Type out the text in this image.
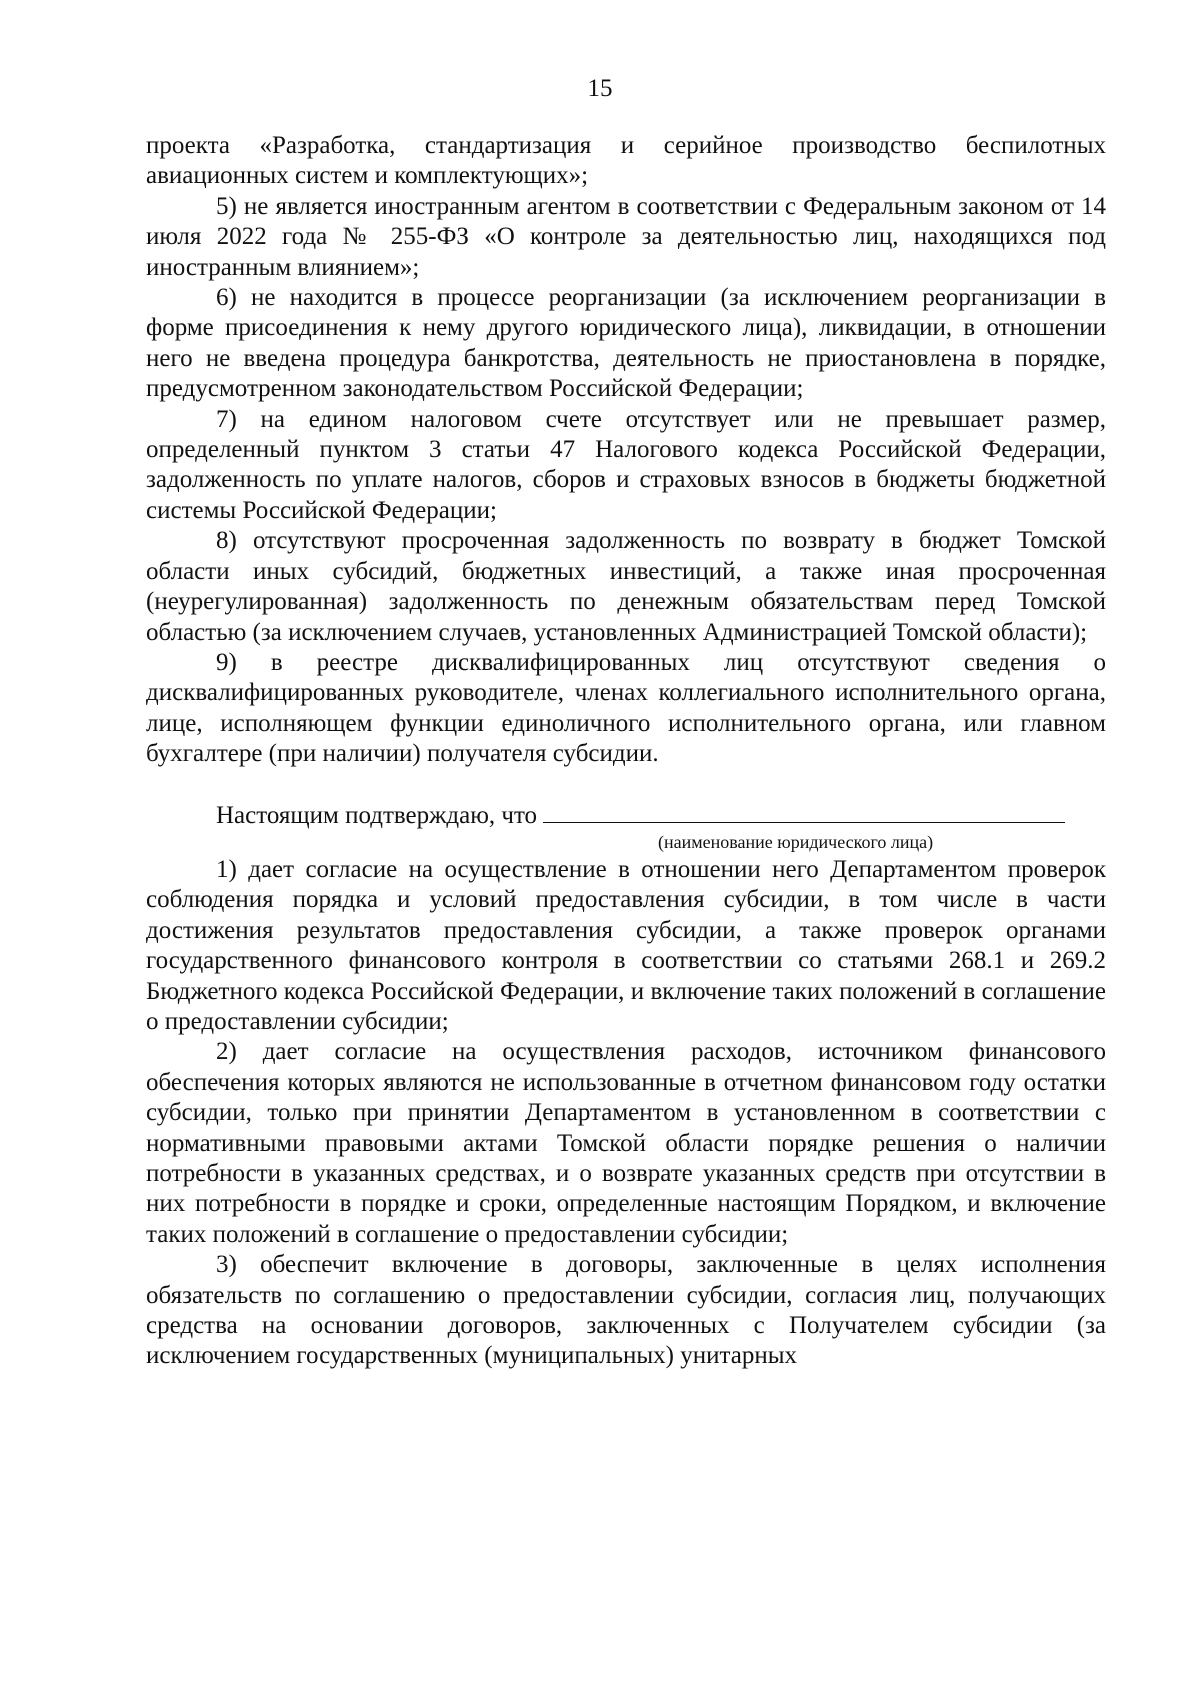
15

проекта «Разработка, стандартизация и серийное производство беспилотных авиационных систем и комплектующих»;

5) не является иностранным агентом в соответствии с Федеральным законом от 14 июля 2022 года № 255-ФЗ «О контроле за деятельностью лиц, находящихся под иностранным влиянием»;

6) не находится в процессе реорганизации (за исключением реорганизации в форме присоединения к нему другого юридического лица), ликвидации, в отношении него не введена процедура банкротства, деятельность не приостановлена в порядке, предусмотренном законодательством Российской Федерации;

7) на едином налоговом счете отсутствует или не превышает размер, определенный пунктом 3 статьи 47 Налогового кодекса Российской Федерации, задолженность по уплате налогов, сборов и страховых взносов в бюджеты бюджетной системы Российской Федерации;

8) отсутствуют просроченная задолженность по возврату в бюджет Томской области иных субсидий, бюджетных инвестиций, а также иная просроченная (неурегулированная) задолженность по денежным обязательствам перед Томской областью (за исключением случаев, установленных Администрацией Томской области);

9) в реестре дисквалифицированных лиц отсутствуют сведения о дисквалифицированных руководителе, членах коллегиального исполнительного органа, лице, исполняющем функции единоличного исполнительного органа, или главном бухгалтере (при наличии) получателя субсидии.

Настоящим подтверждаю, что

(наименование юридического лица)

1) дает согласие на осуществление в отношении него Департаментом проверок соблюдения порядка и условий предоставления субсидии, в том числе в части достижения результатов предоставления субсидии, а также проверок органами государственного финансового контроля в соответствии со статьями 268.1 и 269.2 Бюджетного кодекса Российской Федерации, и включение таких положений в соглашение о предоставлении субсидии;

2) дает согласие на осуществления расходов, источником финансового обеспечения которых являются не использованные в отчетном финансовом году остатки субсидии, только при принятии Департаментом в установленном в соответствии с нормативными правовыми актами Томской области порядке решения о наличии потребности в указанных средствах, и о возврате указанных средств при отсутствии в них потребности в порядке и сроки, определенные настоящим Порядком, и включение таких положений в соглашение о предоставлении субсидии;

3) обеспечит включение в договоры, заключенные в целях исполнения обязательств по соглашению о предоставлении субсидии, согласия лиц, получающих средства на основании договоров, заключенных с Получателем субсидии (за исключением государственных (муниципальных) унитарных
